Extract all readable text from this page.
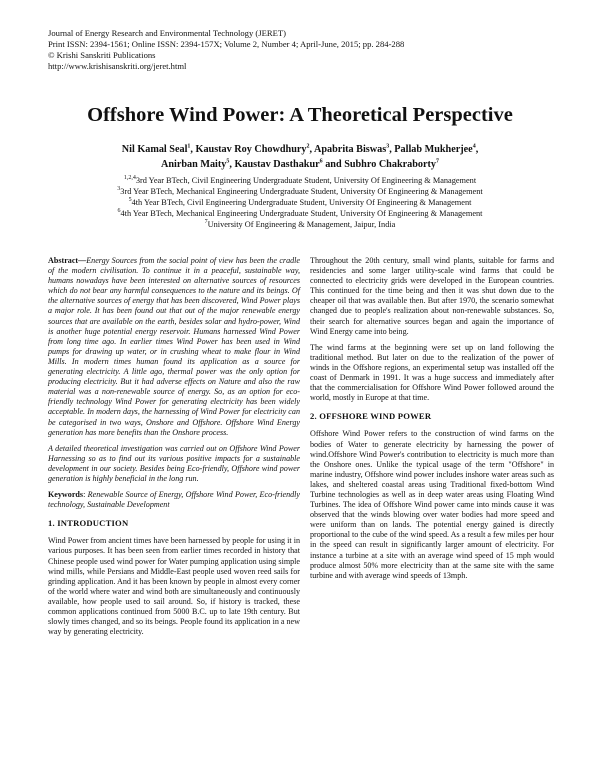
Journal of Energy Research and Environmental Technology (JERET)
Print ISSN: 2394-1561; Online ISSN: 2394-157X; Volume 2, Number 4; April-June, 2015; pp. 284-288
© Krishi Sanskriti Publications
http://www.krishisanskriti.org/jeret.html
Offshore Wind Power: A Theoretical Perspective
Nil Kamal Seal$^1$, Kaustav Roy Chowdhury$^2$, Apabrita Biswas$^3$, Pallab Mukherjee$^4$,
Anirban Maity$^5$, Kaustav Dasthakur$^6$ and Subhro Chakraborty$^7$
$^{1,2,4}$3rd Year BTech, Civil Engineering Undergraduate Student, University Of Engineering & Management
$^3$3rd Year BTech, Mechanical Engineering Undergraduate Student, University Of Engineering & Management
$^5$4th Year BTech, Civil Engineering Undergraduate Student, University Of Engineering & Management
$^6$4th Year BTech, Mechanical Engineering Undergraduate Student, University Of Engineering & Management
$^7$University Of Engineering & Management, Jaipur, India

Abstract—Energy Sources from the social point of view has been the cradle of the modern civilisation. To continue it in a peaceful, sustainable way, humans nowadays have been interested on alternative sources of resources which do not bear any harmful consequences to the nature and its beings. Of the alternative sources of energy that has been discovered, Wind Power plays a major role. It has been found out that out of the major renewable energy sources that are available on the earth, besides solar and hydro-power, Wind is another huge potential energy reservoir. Humans harnessed Wind Power from long time ago. In earlier times Wind Power has been used in Wind pumps for drawing up water, or in crushing wheat to make flour in Wind Mills. In modern times human found its application as a source for generating electricity. A little ago, thermal power was the only option for producing electricity. But it had adverse effects on Nature and also the raw material was a non-renewable source of energy. So, as an option for eco-friendly technology Wind Power for generating electricity has been widely acceptable. In modern days, the harnessing of Wind Power for electricity can be categorised in two ways, Onshore and Offshore. Offshore Wind Energy generation has more benefits than the Onshore process.

A detailed theoretical investigation was carried out on Offshore Wind Power Harnessing so as to find out its various positive impacts for a sustainable development in our society. Besides being Eco-friendly, Offshore wind power generation is highly beneficial in the long run.

Keywords: Renewable Source of Energy, Offshore Wind Power, Eco-friendly technology, Sustainable Development

1. INTRODUCTION

Wind Power from ancient times have been harnessed by people for using it in various purposes. It has been seen from earlier times recorded in history that Chinese people used wind power for Water pumping application using simple wind mills, while Persians and Middle-East people used woven reed sails for grinding application. And it has been known by people in almost every corner of the world where water and wind both are simultaneously and continuously available, how people used to sail around. So, if history is tracked, these common applications continued from 5000 B.C. up to late 19th century. But slowly times changed, and so its beings. People found its application in a new way by generating electricity.

Throughout the 20th century, small wind plants, suitable for farms and residencies and some larger utility-scale wind farms that could be connected to electricity grids were developed in the European countries. This continued for the time being and then it was shut down due to the cheaper oil that was available then. But after 1970, the scenario somewhat changed due to people's realization about non-renewable substances. So, their search for alternative sources began and again the importance of Wind Energy came into being.

The wind farms at the beginning were set up on land following the traditional method. But later on due to the realization of the power of winds in the Offshore regions, an experimental setup was installed off the coast of Denmark in 1991. It was a huge success and immediately after that the commercialisation for Offshore Wind Power followed around the world, mostly in Europe at that time.

2. OFFSHORE WIND POWER

Offshore Wind Power refers to the construction of wind farms on the bodies of Water to generate electricity by harnessing the power of wind.Offshore Wind Power's contribution to electricity is much more than the Onshore ones. Unlike the typical usage of the term "Offshore" in marine industry, Offshore wind power includes inshore water areas such as lakes, and sheltered coastal areas using Traditional fixed-bottom Wind Turbine technologies as well as in deep water areas using Floating Wind Turbines. The idea of Offshore Wind power came into minds cause it was observed that the winds blowing over water bodies had more speed and were uniform than on lands. The potential energy gained is directly proportional to the cube of the wind speed. As a result a few miles per hour in the speed can result in significantly larger amount of electricity. For instance a turbine at a site with an average wind speed of 15 mph would produce almost 50% more electricity than at the same site with the same turbine and with average wind speeds of 13mph.
